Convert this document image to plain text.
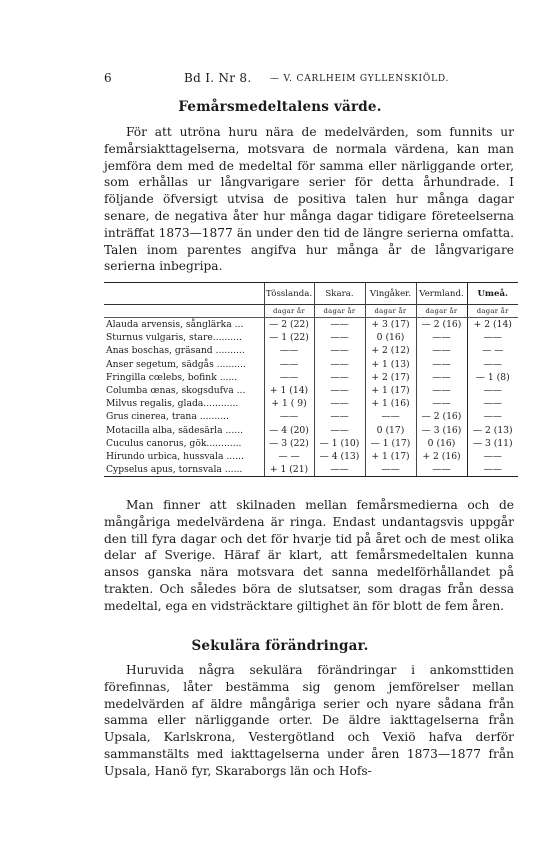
6	Bd I. Nr 8. — V. CARLHEIM GYLLENSKIÖLD.
Femårsmedeltalens värde.

För att utröna huru nära de medelvärden, som funnits ur femårsiakttagelserna, motsvara de normala värdena, kan man jemföra dem med de medeltal för samma eller närliggande orter, som erhållas ur långvarigare serier för detta århundrade. I följande öfversigt utvisa de positiva talen hur många dagar senare, de negativa åter hur många dagar tidigare företeelserna inträffat 1873—1877 än under den tid de längre serierna omfatta. Talen inom parentes angifva hur många år de långvarigare serierna inbegripa.

	Tösslanda.	Skara.	Vingåker.	Vermland.	Umeå.
	dagar år	dagar år	dagar år	dagar år	dagar år
Alauda arvensis, sånglärka ...	— 2 (22)	——	+ 3 (17)	— 2 (16)	+ 2 (14)
Sturnus vulgaris, stare..........	— 1 (22)	——	0 (16)	——	——
Anas boschas, gräsand ..........	——	——	+ 2 (12)	——	— —
Anser segetum, sädgås ..........	——	——	+ 1 (13)	——	——
Fringilla cœlebs, bofink ......	——	——	+ 2 (17)	——	— 1 (8)
Columba œnas, skogsdufva ...	+ 1 (14)	——	+ 1 (17)	——	——
Milvus regalis, glada............	+ 1 ( 9)	——	+ 1 (16)	——	——
Grus cinerea, trana ..........	——	——	——	— 2 (16)	——
Motacilla alba, sädesärla ......	— 4 (20)	——	0 (17)	— 3 (16)	— 2 (13)
Cuculus canorus, gök............	— 3 (22)	— 1 (10)	— 1 (17)	0 (16)	— 3 (11)
Hirundo urbica, hussvala ......	— —	— 4 (13)	+ 1 (17)	+ 2 (16)	——
Cypselus apus, tornsvala ......	+ 1 (21)	——	——	——	——

Man finner att skilnaden mellan femårsmedierna och de mångåriga medelvärdena är ringa. Endast undantagsvis uppgår den till fyra dagar och det för hvarje tid på året och de mest olika delar af Sverige. Häraf är klart, att femårsmedeltalen kunna ansos ganska nära motsvara det sanna medelförhållandet på trakten. Och således böra de slutsatser, som dragas från dessa medeltal, ega en vidsträcktare giltighet än för blott de fem åren.

Sekulära förändringar.

Huruvida några sekulära förändringar i ankomsttiden förefinnas, låter bestämma sig genom jemförelser mellan medelvärden af äldre mångåriga serier och nyare sådana från samma eller närliggande orter. De äldre iakttagelserna från Upsala, Karlskrona, Vestergötland och Vexiö hafva derför sammanstälts med iakttagelserna under åren 1873—1877 från Upsala, Hanö fyr, Skaraborgs län och Hofs-
